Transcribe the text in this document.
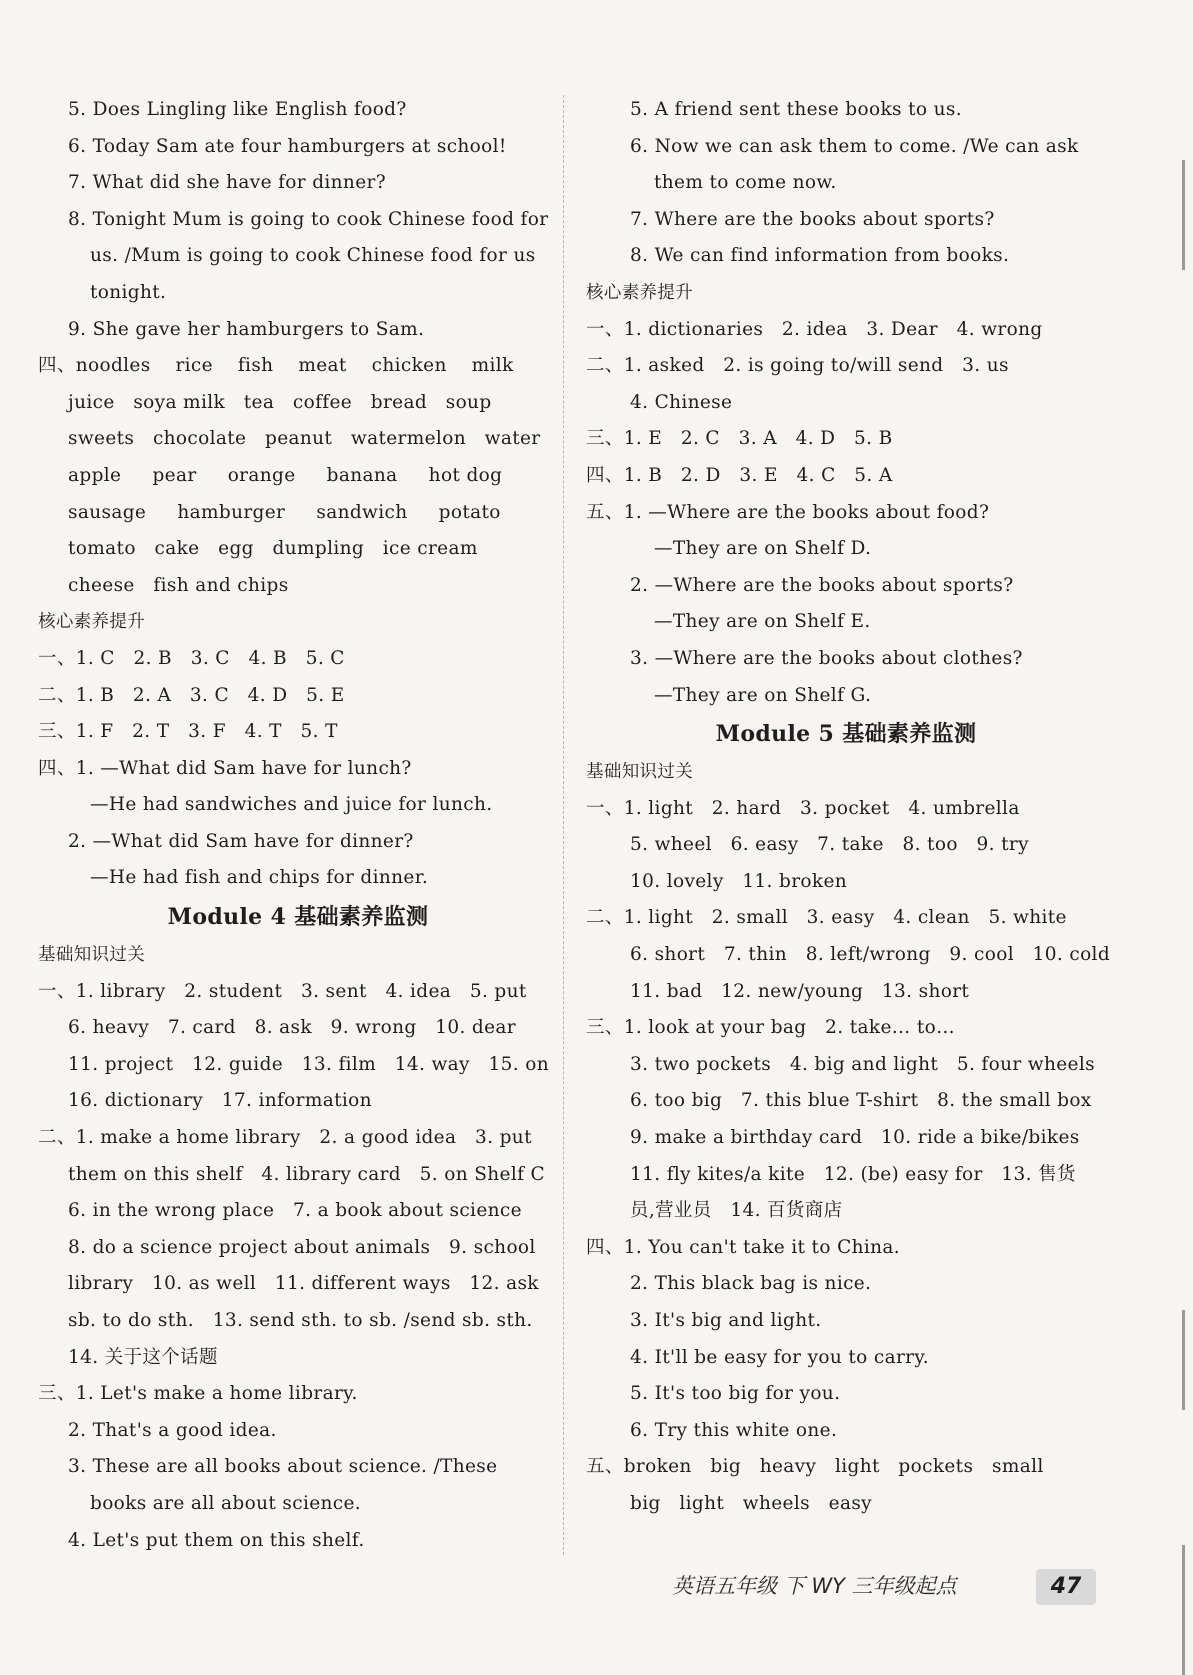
5. Does Lingling like English food?
6. Today Sam ate four hamburgers at school!
7. What did she have for dinner?
8. Tonight Mum is going to cook Chinese food for
us. /Mum is going to cook Chinese food for us
tonight.
9. She gave her hamburgers to Sam.
四、noodles    rice    fish    meat    chicken    milk
juice   soya milk   tea   coffee   bread   soup
sweets   chocolate   peanut   watermelon   water
apple     pear     orange     banana     hot dog
sausage     hamburger     sandwich     potato
tomato   cake   egg   dumpling   ice cream
cheese   fish and chips
核心素养提升
一、1. C   2. B   3. C   4. B   5. C
二、1. B   2. A   3. C   4. D   5. E
三、1. F   2. T   3. F   4. T   5. T
四、1. —What did Sam have for lunch?
—He had sandwiches and juice for lunch.
2. —What did Sam have for dinner?
—He had fish and chips for dinner.
Module 4 基础素养监测
基础知识过关
一、1. library   2. student   3. sent   4. idea   5. put
6. heavy   7. card   8. ask   9. wrong   10. dear
11. project   12. guide   13. film   14. way   15. on
16. dictionary   17. information
二、1. make a home library   2. a good idea   3. put
them on this shelf   4. library card   5. on Shelf C
6. in the wrong place   7. a book about science
8. do a science project about animals   9. school
library   10. as well   11. different ways   12. ask
sb. to do sth.   13. send sth. to sb. /send sb. sth.
14. 关于这个话题
三、1. Let's make a home library.
2. That's a good idea.
3. These are all books about science. /These
books are all about science.
4. Let's put them on this shelf.
5. A friend sent these books to us.
6. Now we can ask them to come. /We can ask
them to come now.
7. Where are the books about sports?
8. We can find information from books.
核心素养提升
一、1. dictionaries   2. idea   3. Dear   4. wrong
二、1. asked   2. is going to/will send   3. us
4. Chinese
三、1. E   2. C   3. A   4. D   5. B
四、1. B   2. D   3. E   4. C   5. A
五、1. —Where are the books about food?
—They are on Shelf D.
2. —Where are the books about sports?
—They are on Shelf E.
3. —Where are the books about clothes?
—They are on Shelf G.
Module 5 基础素养监测
基础知识过关
一、1. light   2. hard   3. pocket   4. umbrella
5. wheel   6. easy   7. take   8. too   9. try
10. lovely   11. broken
二、1. light   2. small   3. easy   4. clean   5. white
6. short   7. thin   8. left/wrong   9. cool   10. cold
11. bad   12. new/young   13. short
三、1. look at your bag   2. take… to…
3. two pockets   4. big and light   5. four wheels
6. too big   7. this blue T-shirt   8. the small box
9. make a birthday card   10. ride a bike/bikes
11. fly kites/a kite   12. (be) easy for   13. 售货
员,营业员   14. 百货商店
四、1. You can't take it to China.
2. This black bag is nice.
3. It's big and light.
4. It'll be easy for you to carry.
5. It's too big for you.
6. Try this white one.
五、broken   big   heavy   light   pockets   small
big   light   wheels   easy
英语五年级 下 WY 三年级起点	47
